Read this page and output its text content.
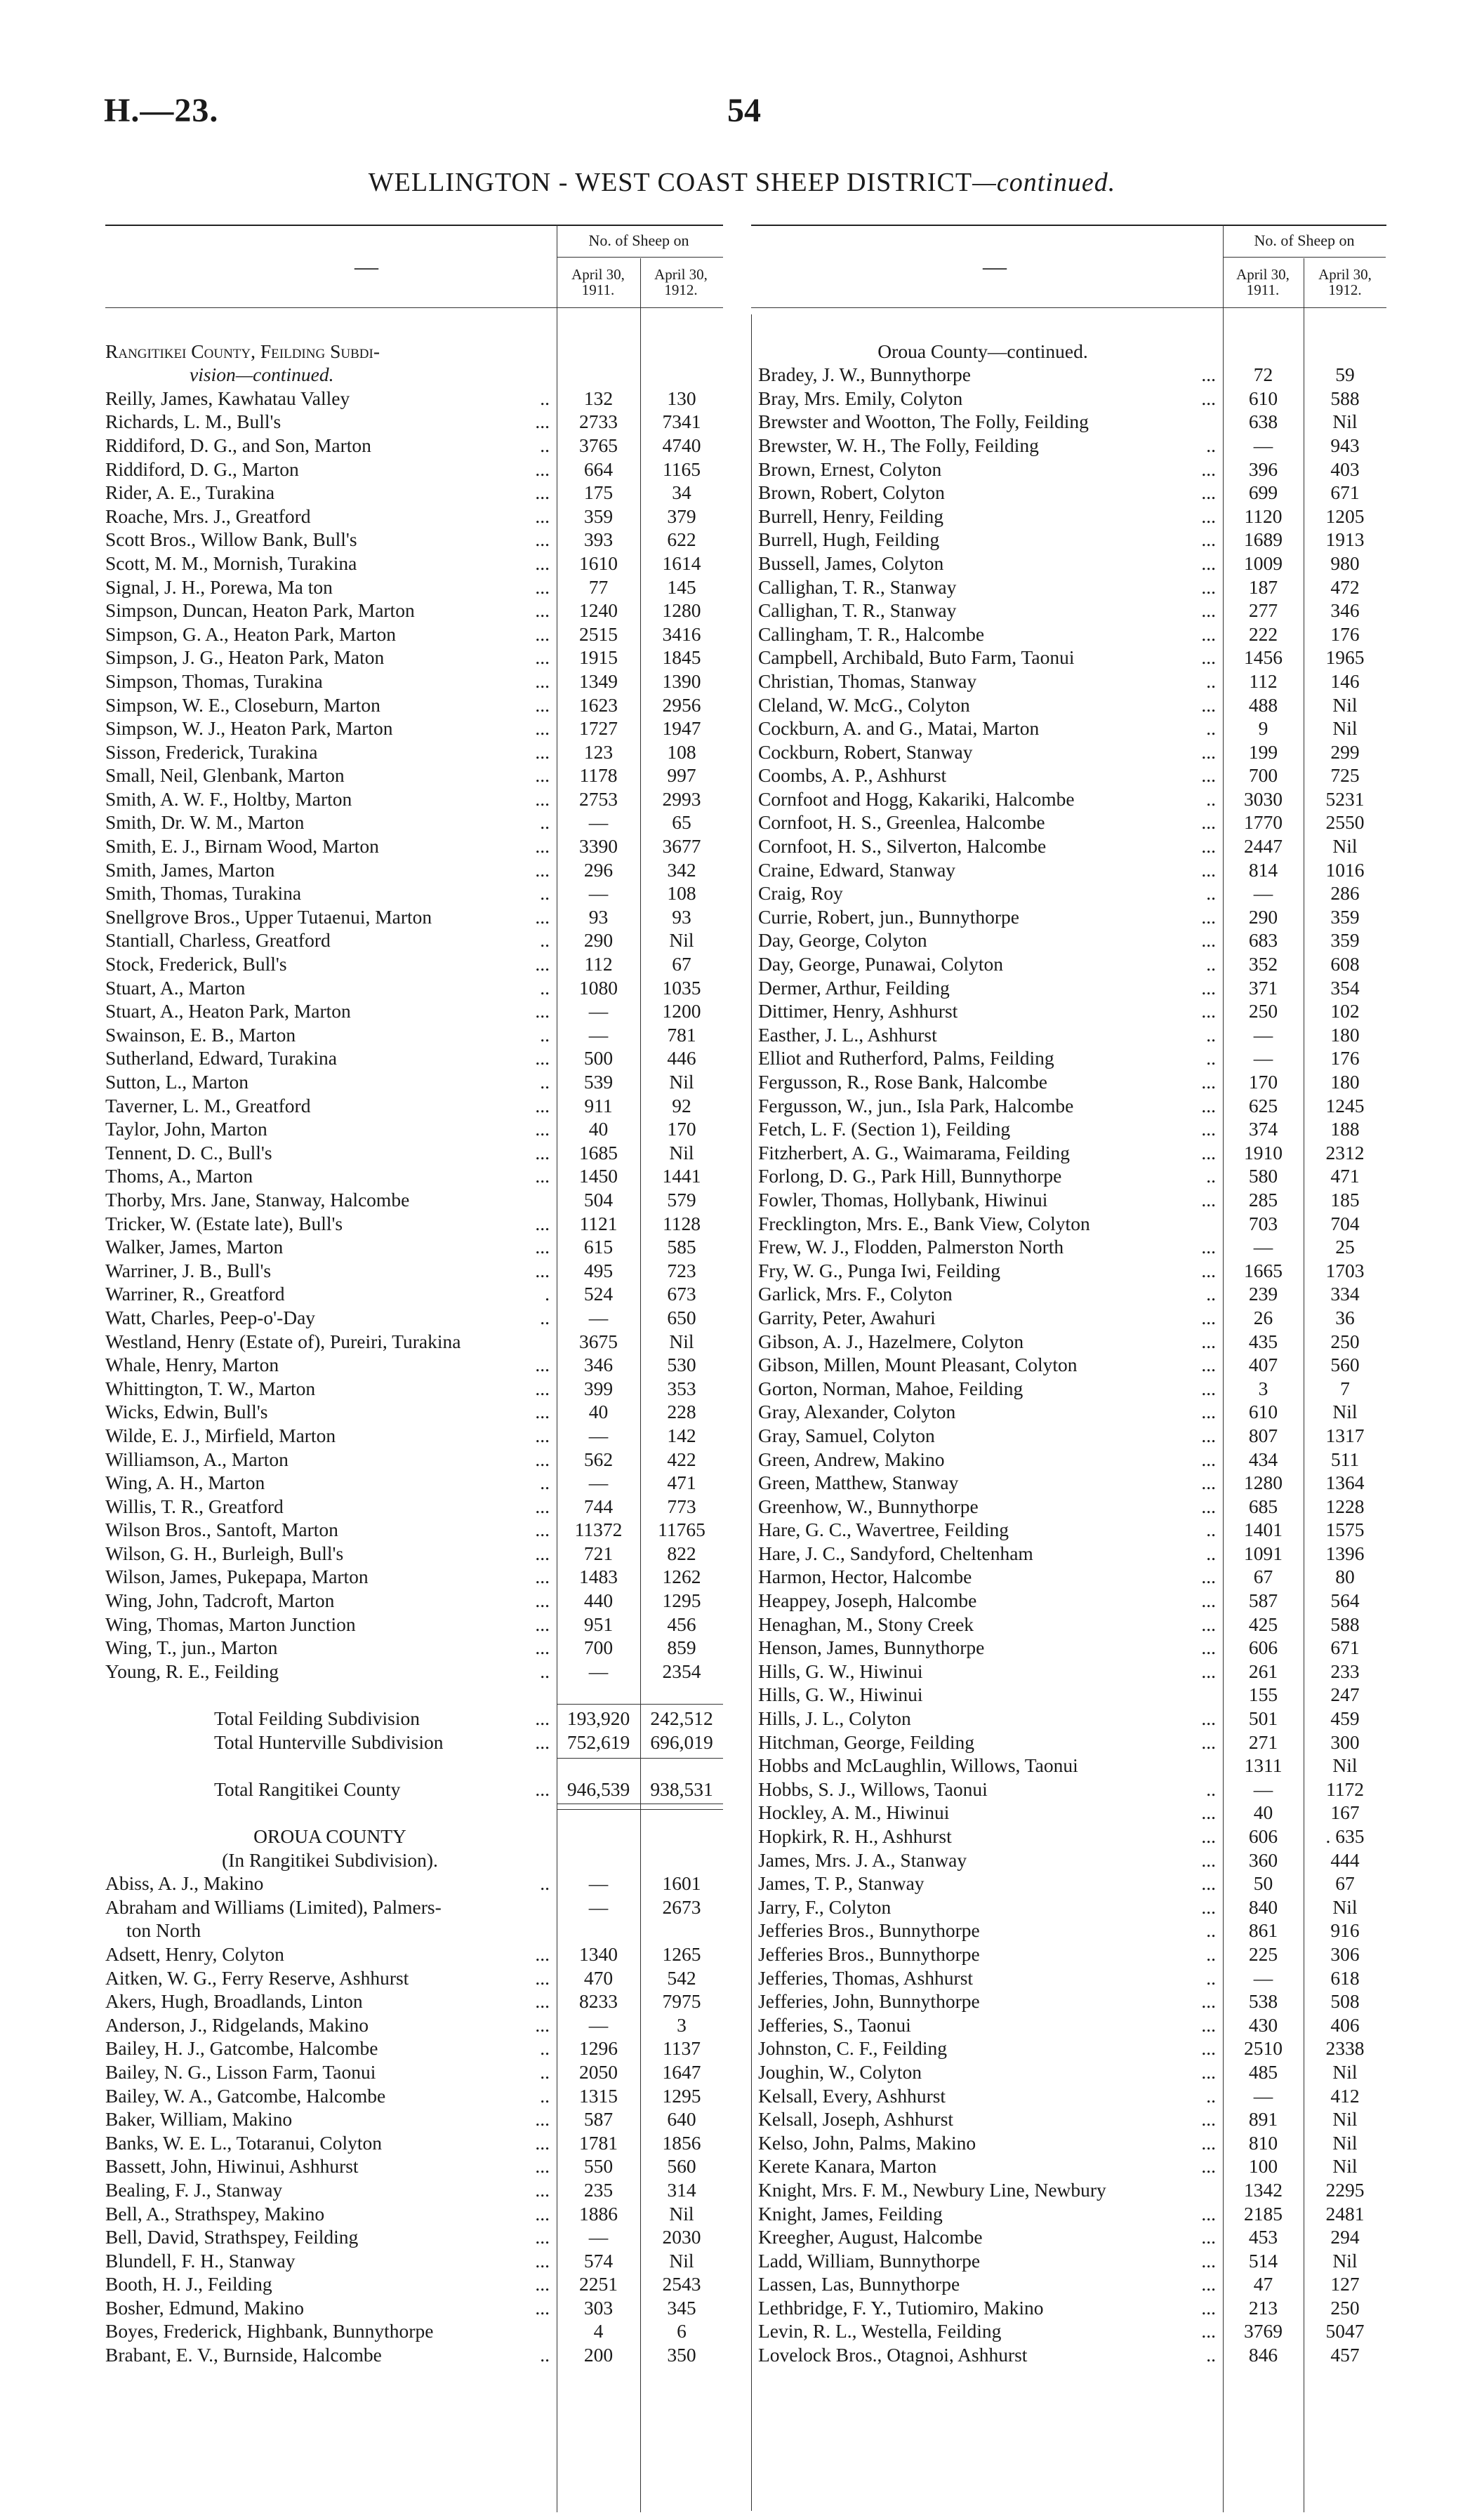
H.—23.	54
WELLINGTON - WEST COAST SHEEP DISTRICT—continued.
—
No. of Sheep on
April 30, 1911.
April 30, 1912.
Rangitikei County, Feilding Subdi-
vision—continued.
Reilly, James, Kawhatau Valley	..	132	130
Richards, L. M., Bull's	...	2733	7341
Riddiford, D. G., and Son, Marton	..	3765	4740
Riddiford, D. G., Marton	...	664	1165
Rider, A. E., Turakina	...	175	34
Roache, Mrs. J., Greatford	...	359	379
Scott Bros., Willow Bank, Bull's	...	393	622
Scott, M. M., Mornish, Turakina	...	1610	1614
Signal, J. H., Porewa, Ma ton	...	77	145
Simpson, Duncan, Heaton Park, Marton	...	1240	1280
Simpson, G. A., Heaton Park, Marton	...	2515	3416
Simpson, J. G., Heaton Park, Maton	...	1915	1845
Simpson, Thomas, Turakina	...	1349	1390
Simpson, W. E., Closeburn, Marton	...	1623	2956
Simpson, W. J., Heaton Park, Marton	...	1727	1947
Sisson, Frederick, Turakina	...	123	108
Small, Neil, Glenbank, Marton	...	1178	997
Smith, A. W. F., Holtby, Marton	...	2753	2993
Smith, Dr. W. M., Marton	..	—	65
Smith, E. J., Birnam Wood, Marton	...	3390	3677
Smith, James, Marton	...	296	342
Smith, Thomas, Turakina	..	—	108
Snellgrove Bros., Upper Tutaenui, Marton	...	93	93
Stantiall, Charless, Greatford	..	290	Nil
Stock, Frederick, Bull's	...	112	67
Stuart, A., Marton	..	1080	1035
Stuart, A., Heaton Park, Marton	...	—	1200
Swainson, E. B., Marton	..	—	781
Sutherland, Edward, Turakina	...	500	446
Sutton, L., Marton	..	539	Nil
Taverner, L. M., Greatford	...	911	92
Taylor, John, Marton	...	40	170
Tennent, D. C., Bull's	...	1685	Nil
Thoms, A., Marton	...	1450	1441
Thorby, Mrs. Jane, Stanway, Halcombe	504	579
Tricker, W. (Estate late), Bull's	...	1121	1128
Walker, James, Marton	...	615	585
Warriner, J. B., Bull's	...	495	723
Warriner, R., Greatford	.	524	673
Watt, Charles, Peep-o'-Day	..	—	650
Westland, Henry (Estate of), Pureiri, Turakina	3675	Nil
Whale, Henry, Marton	...	346	530
Whittington, T. W., Marton	...	399	353
Wicks, Edwin, Bull's	...	40	228
Wilde, E. J., Mirfield, Marton	...	—	142
Williamson, A., Marton	...	562	422
Wing, A. H., Marton	..	—	471
Willis, T. R., Greatford	...	744	773
Wilson Bros., Santoft, Marton	...	11372	11765
Wilson, G. H., Burleigh, Bull's	...	721	822
Wilson, James, Pukepapa, Marton	...	1483	1262
Wing, John, Tadcroft, Marton	...	440	1295
Wing, Thomas, Marton Junction	...	951	456
Wing, T., jun., Marton	...	700	859
Young, R. E., Feilding	..	—	2354
Total Feilding Subdivision	... 193,920	242,512
Total Hunterville Subdivision	... 752,619	696,019
Total Rangitikei County	... 946,539	938,531
OROUA COUNTY
(In Rangitikei Subdivision).
Abiss, A. J., Makino	..	—	1601
Abraham and Williams (Limited), Palmers-	—	2673
ton North
Adsett, Henry, Colyton	...	1340	1265
Aitken, W. G., Ferry Reserve, Ashhurst	...	470	542
Akers, Hugh, Broadlands, Linton	...	8233	7975
Anderson, J., Ridgelands, Makino	...	—	3
Bailey, H. J., Gatcombe, Halcombe	..	1296	1137
Bailey, N. G., Lisson Farm, Taonui	..	2050	1647
Bailey, W. A., Gatcombe, Halcombe	..	1315	1295
Baker, William, Makino	...	587	640
Banks, W. E. L., Totaranui, Colyton	...	1781	1856
Bassett, John, Hiwinui, Ashhurst	...	550	560
Bealing, F. J., Stanway	...	235	314
Bell, A., Strathspey, Makino	...	1886	Nil
Bell, David, Strathspey, Feilding	...	—	2030
Blundell, F. H., Stanway	...	574	Nil
Booth, H. J., Feilding	...	2251	2543
Bosher, Edmund, Makino	...	303	345
Boyes, Frederick, Highbank, Bunnythorpe	4	6
Brabant, E. V., Burnside, Halcombe	..	200	350
—
No. of Sheep on
April 30, 1911.
April 30, 1912.
Oroua County—continued.
Bradey, J. W., Bunnythorpe	...	72	59
Bray, Mrs. Emily, Colyton	...	610	588
Brewster and Wootton, The Folly, Feilding	638	Nil
Brewster, W. H., The Folly, Feilding	..	—	943
Brown, Ernest, Colyton	...	396	403
Brown, Robert, Colyton	...	699	671
Burrell, Henry, Feilding	...	1120	1205
Burrell, Hugh, Feilding	...	1689	1913
Bussell, James, Colyton	...	1009	980
Callighan, T. R., Stanway	...	187	472
Callighan, T. R., Stanway	...	277	346
Callingham, T. R., Halcombe	...	222	176
Campbell, Archibald, Buto Farm, Taonui	...	1456	1965
Christian, Thomas, Stanway	..	112	146
Cleland, W. McG., Colyton	...	488	Nil
Cockburn, A. and G., Matai, Marton	..	9	Nil
Cockburn, Robert, Stanway	...	199	299
Coombs, A. P., Ashhurst	...	700	725
Cornfoot and Hogg, Kakariki, Halcombe	..	3030	5231
Cornfoot, H. S., Greenlea, Halcombe	...	1770	2550
Cornfoot, H. S., Silverton, Halcombe	...	2447	Nil
Craine, Edward, Stanway	...	814	1016
Craig, Roy	..	—	286
Currie, Robert, jun., Bunnythorpe	...	290	359
Day, George, Colyton	...	683	359
Day, George, Punawai, Colyton	..	352	608
Dermer, Arthur, Feilding	...	371	354
Dittimer, Henry, Ashhurst	...	250	102
Easther, J. L., Ashhurst	..	—	180
Elliot and Rutherford, Palms, Feilding	..	—	176
Fergusson, R., Rose Bank, Halcombe	...	170	180
Fergusson, W., jun., Isla Park, Halcombe	...	625	1245
Fetch, L. F. (Section 1), Feilding	...	374	188
Fitzherbert, A. G., Waimarama, Feilding	...	1910	2312
Forlong, D. G., Park Hill, Bunnythorpe	..	580	471
Fowler, Thomas, Hollybank, Hiwinui	...	285	185
Frecklington, Mrs. E., Bank View, Colyton	703	704
Frew, W. J., Flodden, Palmerston North	...	—	25
Fry, W. G., Punga Iwi, Feilding	...	1665	1703
Garlick, Mrs. F., Colyton	..	239	334
Garrity, Peter, Awahuri	...	26	36
Gibson, A. J., Hazelmere, Colyton	...	435	250
Gibson, Millen, Mount Pleasant, Colyton	...	407	560
Gorton, Norman, Mahoe, Feilding	...	3	7
Gray, Alexander, Colyton	...	610	Nil
Gray, Samuel, Colyton	...	807	1317
Green, Andrew, Makino	...	434	511
Green, Matthew, Stanway	...	1280	1364
Greenhow, W., Bunnythorpe	...	685	1228
Hare, G. C., Wavertree, Feilding	..	1401	1575
Hare, J. C., Sandyford, Cheltenham	..	1091	1396
Harmon, Hector, Halcombe	...	67	80
Heappey, Joseph, Halcombe	...	587	564
Henaghan, M., Stony Creek	...	425	588
Henson, James, Bunnythorpe	...	606	671
Hills, G. W., Hiwinui	...	261	233
Hills, G. W., Hiwinui	155	247
Hills, J. L., Colyton	...	501	459
Hitchman, George, Feilding	...	271	300
Hobbs and McLaughlin, Willows, Taonui	1311	Nil
Hobbs, S. J., Willows, Taonui	..	—	1172
Hockley, A. M., Hiwinui	...	40	167
Hopkirk, R. H., Ashhurst	...	606	. 635
James, Mrs. J. A., Stanway	...	360	444
James, T. P., Stanway	...	50	67
Jarry, F., Colyton	...	840	Nil
Jefferies Bros., Bunnythorpe	..	861	916
Jefferies Bros., Bunnythorpe	..	225	306
Jefferies, Thomas, Ashhurst	..	—	618
Jefferies, John, Bunnythorpe	...	538	508
Jefferies, S., Taonui	...	430	406
Johnston, C. F., Feilding	...	2510	2338
Joughin, W., Colyton	...	485	Nil
Kelsall, Every, Ashhurst	..	—	412
Kelsall, Joseph, Ashhurst	...	891	Nil
Kelso, John, Palms, Makino	...	810	Nil
Kerete Kanara, Marton	...	100	Nil
Knight, Mrs. F. M., Newbury Line, Newbury	1342	2295
Knight, James, Feilding	...	2185	2481
Kreegher, August, Halcombe	...	453	294
Ladd, William, Bunnythorpe	...	514	Nil
Lassen, Las, Bunnythorpe	...	47	127
Lethbridge, F. Y., Tutiomiro, Makino	...	213	250
Levin, R. L., Westella, Feilding	...	3769	5047
Lovelock Bros., Otagnoi, Ashhurst	..	846	457
